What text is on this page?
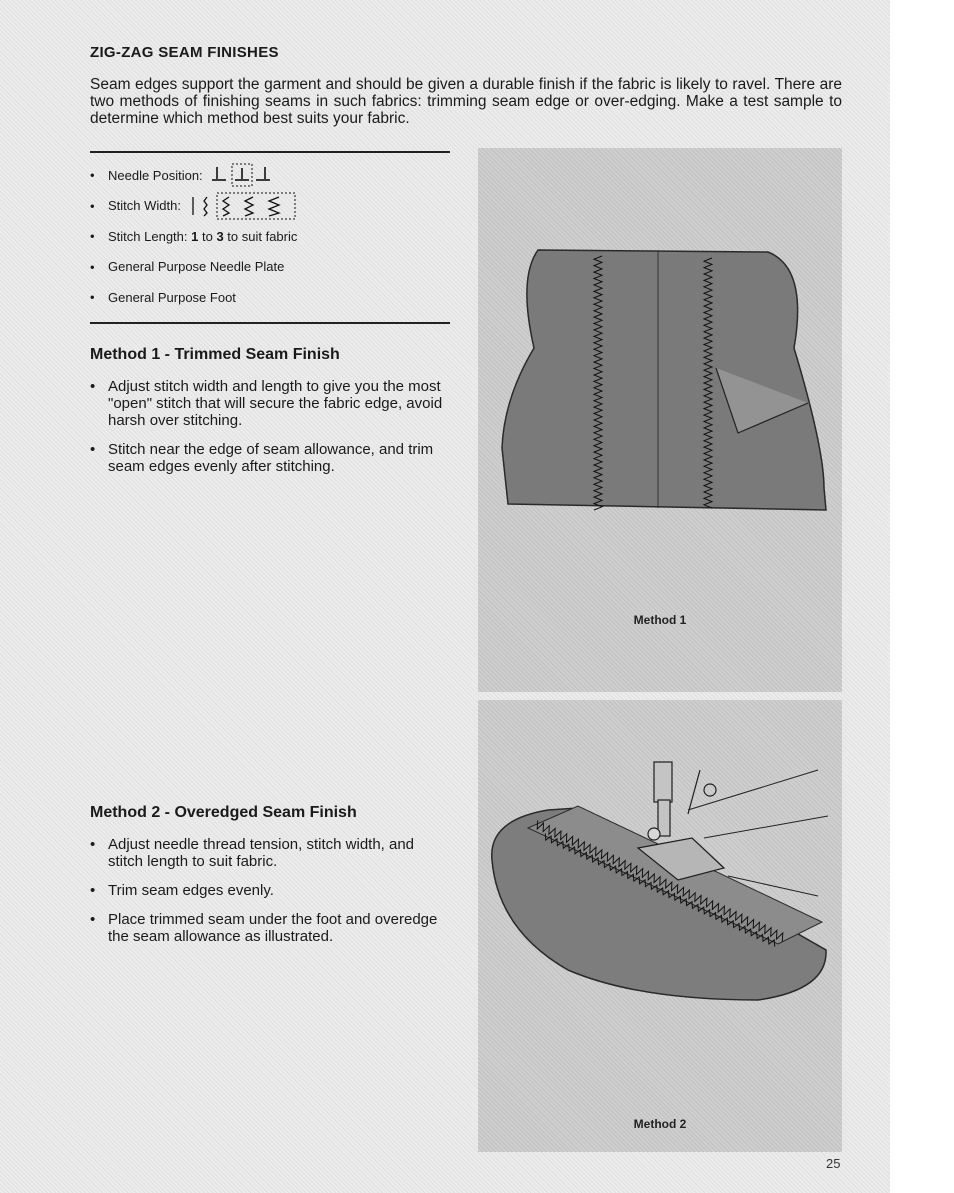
ZIG-ZAG SEAM FINISHES

Seam edges support the garment and should be given a durable finish if the fabric is likely to ravel. There are two methods of finishing seams in such fabrics: trimming seam edge or over-edging. Make a test sample to determine which method best suits your fabric.

• Needle Position:
• Stitch Width:
• Stitch Length: 1 to 3 to suit fabric
• General Purpose Needle Plate
• General Purpose Foot
Method 1 - Trimmed Seam Finish
• Adjust stitch width and length to give you the most "open" stitch that will secure the fabric edge, avoid harsh over stitching.
• Stitch near the edge of seam allowance, and trim seam edges evenly after stitching.
Method 2 - Overedged Seam Finish
• Adjust needle thread tension, stitch width, and stitch length to suit fabric.
• Trim seam edges evenly.
• Place trimmed seam under the foot and overedge the seam allowance as illustrated.
Method 1
Method 2
25
